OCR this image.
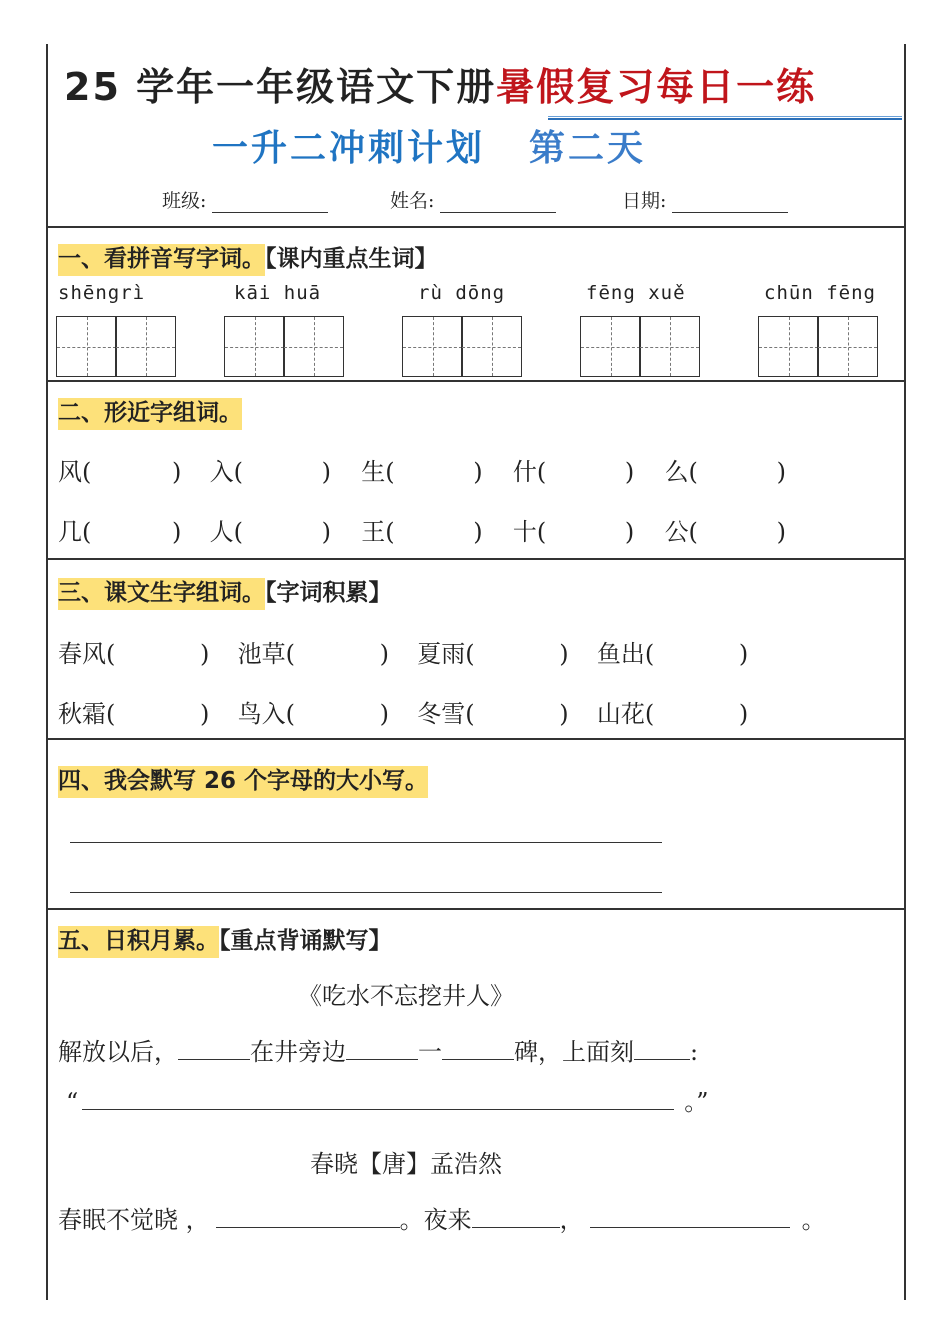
25 学年一年级语文下册暑假复习每日一练
一升二冲刺计划 第二天
班级:	姓名:	日期:
一、看拼音写字词。【课内重点生词】
shēngrì	kāi huā	rù dōng	fēng xuě	chūn fēng
二、形近字组词。
风(	) 入(	) 生(	) 什(	) 么(	)
几(	) 人(	) 王(	) 十(	) 公(	)
三、课文生字组词。【字词积累】
春风(	) 池草(	) 夏雨(	) 鱼出(	)
秋霜(	) 鸟入(	) 冬雪(	) 山花(	)
四、我会默写 26 个字母的大小写。
五、日积月累。【重点背诵默写】
《吃水不忘挖井人》
解放以后，	在井旁边	一	碑，上面刻 :
“	。”
春晓【唐】孟浩然
春眠不觉晓 ，	。夜来	，	。
